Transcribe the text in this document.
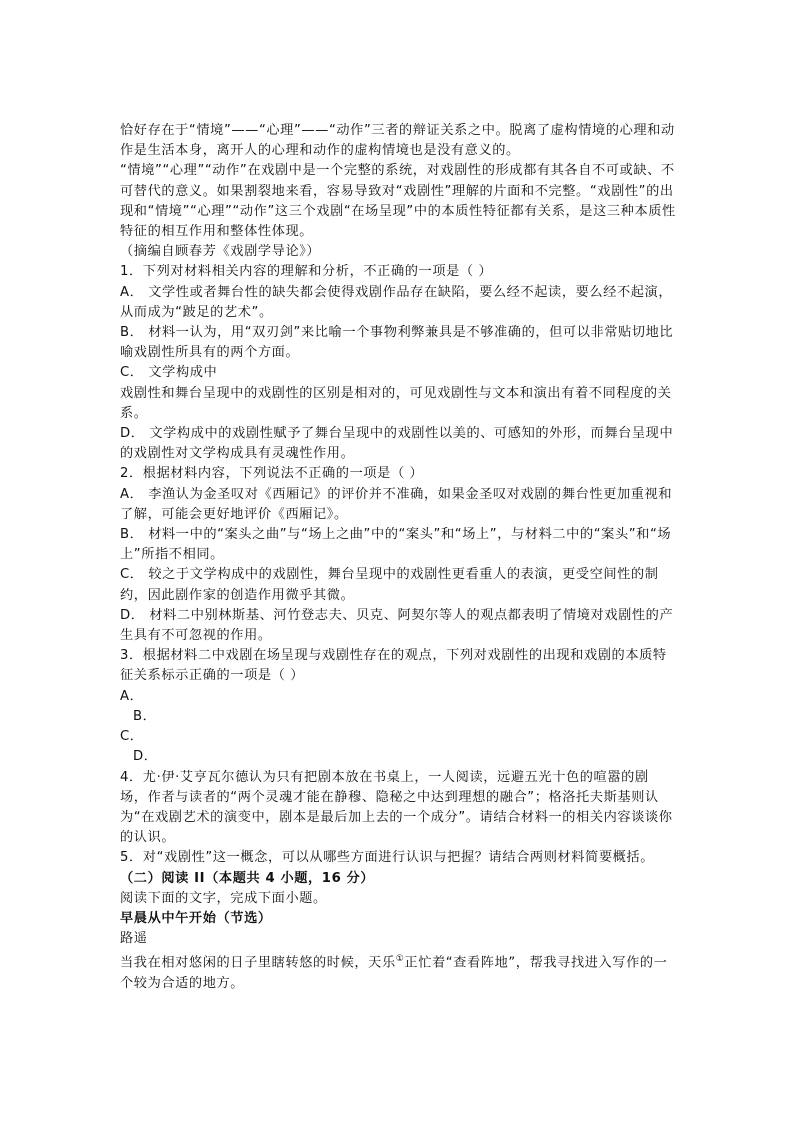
恰好存在于“情境”——“心理”——“动作”三者的辩证关系之中。脱离了虚构情境的心理和动作是生活本身，离开人的心理和动作的虚构情境也是没有意义的。

“情境”“心理”“动作”在戏剧中是一个完整的系统，对戏剧性的形成都有其各自不可或缺、不可替代的意义。如果割裂地来看，容易导致对“戏剧性”理解的片面和不完整。“戏剧性”的出现和“情境”“心理”“动作”这三个戏剧“在场呈现”中的本质性特征都有关系，是这三种本质性特征的相互作用和整体性体现。

（摘编自顾春芳《戏剧学导论》）

1．下列对材料相关内容的理解和分析，不正确的一项是（ ）

A． 文学性或者舞台性的缺失都会使得戏剧作品存在缺陷，要么经不起读，要么经不起演，从而成为“跛足的艺术”。

B． 材料一认为，用“双刃剑”来比喻一个事物利弊兼具是不够准确的，但可以非常贴切地比喻戏剧性所具有的两个方面。

C． 文学构成中

戏剧性和舞台呈现中的戏剧性的区别是相对的，可见戏剧性与文本和演出有着不同程度的关系。

D． 文学构成中的戏剧性赋予了舞台呈现中的戏剧性以美的、可感知的外形，而舞台呈现中的戏剧性对文学构成具有灵魂性作用。

2．根据材料内容，下列说法不正确的一项是（ ）

A． 李渔认为金圣叹对《西厢记》的评价并不准确，如果金圣叹对戏剧的舞台性更加重视和了解，可能会更好地评价《西厢记》。

B． 材料一中的“案头之曲”与“场上之曲”中的“案头”和“场上”，与材料二中的“案头”和“场上”所指不相同。

C． 较之于文学构成中的戏剧性，舞台呈现中的戏剧性更看重人的表演，更受空间性的制约，因此剧作家的创造作用微乎其微。

D． 材料二中别林斯基、河竹登志夫、贝克、阿契尔等人的观点都表明了情境对戏剧性的产生具有不可忽视的作用。

3．根据材料二中戏剧在场呈现与戏剧性存在的观点，下列对戏剧性的出现和戏剧的本质特征关系标示正确的一项是（ ）

A．

B．

C．

D．

4．尤·伊·艾亨瓦尔德认为只有把剧本放在书桌上，一人阅读，远避五光十色的喧嚣的剧场，作者与读者的“两个灵魂才能在静穆、隐秘之中达到理想的融合”；格洛托夫斯基则认为“在戏剧艺术的演变中，剧本是最后加上去的一个成分”。请结合材料一的相关内容谈谈你的认识。

5．对“戏剧性”这一概念，可以从哪些方面进行认识与把握？请结合两则材料简要概括。

（二）阅读 II（本题共 4 小题，16 分）

阅读下面的文字，完成下面小题。

早晨从中午开始（节选）

路遥

当我在相对悠闲的日子里瞎转悠的时候，天乐①正忙着“查看阵地”，帮我寻找进入写作的一个较为合适的地方。
